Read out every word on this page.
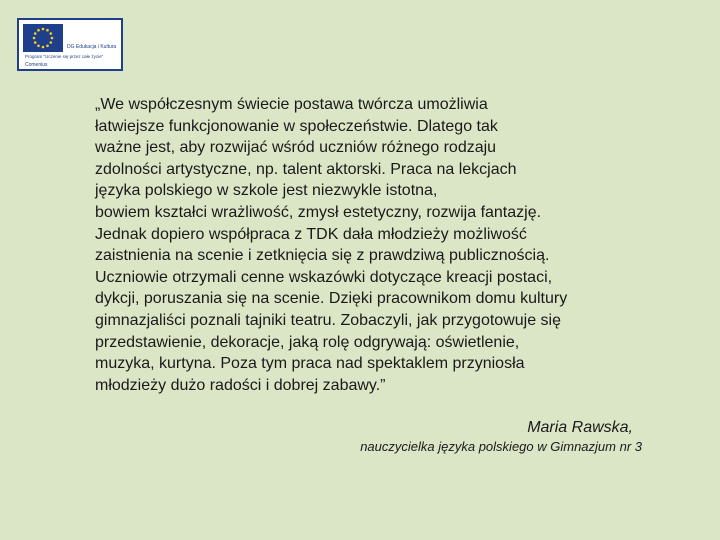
DG Edukacja i Kultura
Program "Uczenie się przez całe życie"
Comenius
„We współczesnym świecie postawa twórcza umożliwia
łatwiejsze funkcjonowanie w społeczeństwie. Dlatego tak
ważne jest, aby rozwijać wśród uczniów różnego rodzaju
zdolności artystyczne, np. talent aktorski. Praca na lekcjach
języka polskiego w szkole jest niezwykle istotna,
bowiem kształci wrażliwość, zmysł estetyczny, rozwija fantazję.
Jednak dopiero współpraca z TDK dała młodzieży możliwość
zaistnienia na scenie i zetknięcia się z prawdziwą publicznością.
Uczniowie otrzymali cenne wskazówki dotyczące kreacji postaci,
dykcji, poruszania się na scenie. Dzięki pracownikom domu kultury
gimnazjaliści poznali tajniki teatru. Zobaczyli, jak przygotowuje się
przedstawienie, dekoracje, jaką rolę odgrywają: oświetlenie,
muzyka, kurtyna. Poza tym praca nad spektaklem przyniosła
młodzieży dużo radości i dobrej zabawy.”
Maria Rawska,
nauczycielka języka polskiego w Gimnazjum nr 3
